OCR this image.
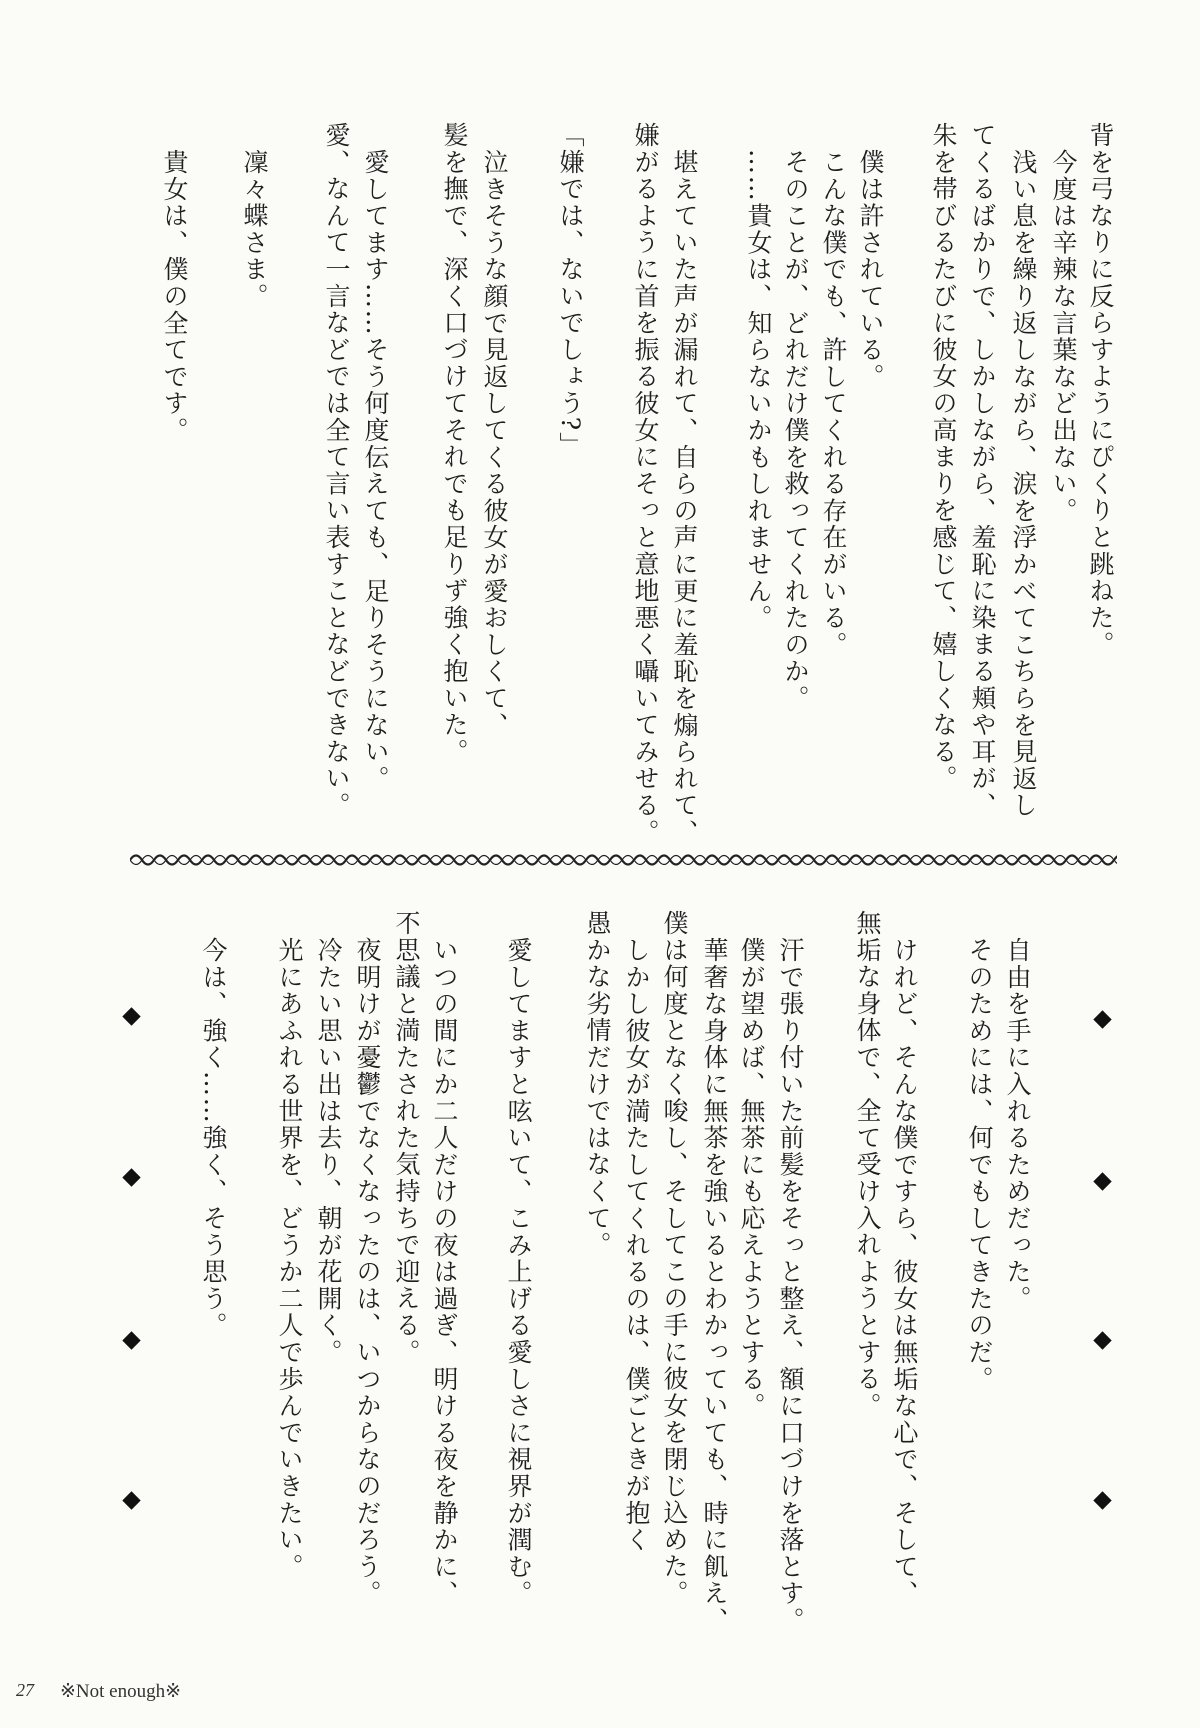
背を弓なりに反らすようにぴくりと跳ねた。
今度は辛辣な言葉など出ない。
浅い息を繰り返しながら、涙を浮かべてこちらを見返し
てくるばかりで、しかしながら、羞恥に染まる頬や耳が、
朱を帯びるたびに彼女の高まりを感じて、嬉しくなる。
僕は許されている。
こんな僕でも、許してくれる存在がいる。
そのことが、どれだけ僕を救ってくれたのか。
……貴女は、知らないかもしれません。
堪えていた声が漏れて、自らの声に更に羞恥を煽られて、
嫌がるように首を振る彼女にそっと意地悪く囁いてみせる。
「嫌では、ないでしょう?」
泣きそうな顔で見返してくる彼女が愛おしくて、
髪を撫で、深く口づけてそれでも足りず強く抱いた。
愛してます……そう何度伝えても、足りそうにない。
愛、なんて一言などでは全て言い表すことなどできない。
凜々蝶さま。
貴女は、僕の全てです。
自由を手に入れるためだった。
そのためには、何でもしてきたのだ。
けれど、そんな僕ですら、彼女は無垢な心で、そして、
無垢な身体で、全て受け入れようとする。
汗で張り付いた前髪をそっと整え、額に口づけを落とす。
僕が望めば、無茶にも応えようとする。
華奢な身体に無茶を強いるとわかっていても、時に飢え、
僕は何度となく唆し、そしてこの手に彼女を閉じ込めた。
しかし彼女が満たしてくれるのは、僕ごときが抱く
愚かな劣情だけではなくて。
愛してますと呟いて、こみ上げる愛しさに視界が潤む。
いつの間にか二人だけの夜は過ぎ、明ける夜を静かに、
不思議と満たされた気持ちで迎える。
夜明けが憂鬱でなくなったのは、いつからなのだろう。
冷たい思い出は去り、朝が花開く。
光にあふれる世界を、どうか二人で歩んでいきたい。
今は、強く……強く、そう思う。
27 ※Not enough※
